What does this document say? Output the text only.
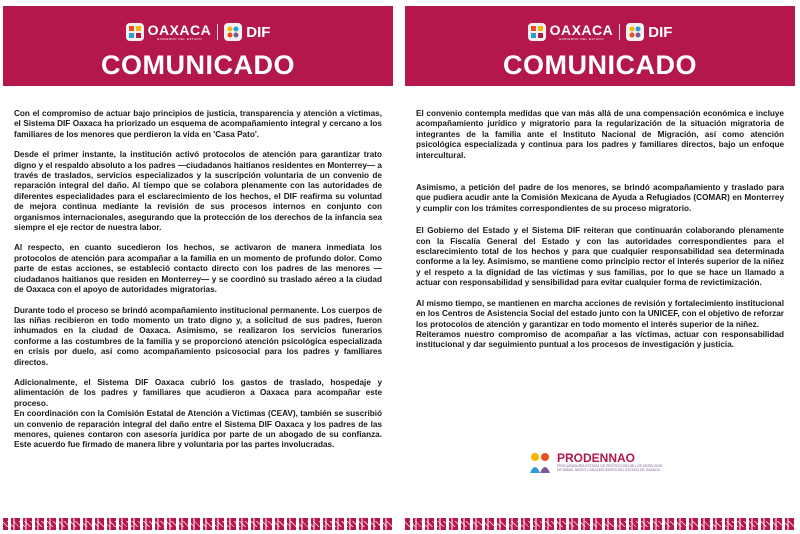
OAXACA
GOBIERNO DEL ESTADO	DIF
COMUNICADO

Con el compromiso de actuar bajo principios de justicia, transparencia y atención a víctimas, el Sistema DIF Oaxaca ha priorizado un esquema de acompañamiento integral y cercano a los familiares de los menores que perdieron la vida en 'Casa Pato'.

Desde el primer instante, la institución activó protocolos de atención para garantizar trato digno y el respaldo absoluto a los padres —ciudadanos haitianos residentes en Monterrey— a través de traslados, servicios especializados y la suscripción voluntaria de un convenio de reparación integral del daño. Al tiempo que se colabora plenamente con las autoridades de diferentes especialidades para el esclarecimiento de los hechos, el DIF reafirma su voluntad de mejora continua mediante la revisión de sus procesos internos en conjunto con organismos internacionales, asegurando que la protección de los derechos de la infancia sea siempre el eje rector de nuestra labor.

Al respecto, en cuanto sucedieron los hechos, se activaron de manera inmediata los protocolos de atención para acompañar a la familia en un momento de profundo dolor. Como parte de estas acciones, se estableció contacto directo con los padres de las menores —ciudadanos haitianos que residen en Monterrey— y se coordinó su traslado aéreo a la ciudad de Oaxaca con el apoyo de autoridades migratorias.

Durante todo el proceso se brindó acompañamiento institucional permanente. Los cuerpos de las niñas recibieron en todo momento un trato digno y, a solicitud de sus padres, fueron inhumados en la ciudad de Oaxaca. Asimismo, se realizaron los servicios funerarios conforme a las costumbres de la familia y se proporcionó atención psicológica especializada en crisis por duelo, así como acompañamiento psicosocial para los padres y familiares directos.

Adicionalmente, el Sistema DIF Oaxaca cubrió los gastos de traslado, hospedaje y alimentación de los padres y familiares que acudieron a Oaxaca para acompañar este proceso.

En coordinación con la Comisión Estatal de Atención a Víctimas (CEAV), también se suscribió un convenio de reparación integral del daño entre el Sistema DIF Oaxaca y los padres de las menores, quienes contaron con asesoría jurídica por parte de un abogado de su confianza. Este acuerdo fue firmado de manera libre y voluntaria por las partes involucradas.

OAXACA
GOBIERNO DEL ESTADO	DIF
COMUNICADO

El convenio contempla medidas que van más allá de una compensación económica e incluye acompañamiento jurídico y migratorio para la regularización de la situación migratoria de integrantes de la familia ante el Instituto Nacional de Migración, así como atención psicológica especializada y continua para los padres y familiares directos, bajo un enfoque intercultural.

Asimismo, a petición del padre de los menores, se brindó acompañamiento y traslado para que pudiera acudir ante la Comisión Mexicana de Ayuda a Refugiados (COMAR) en Monterrey y cumplir con los trámites correspondientes de su proceso migratorio.

El Gobierno del Estado y el Sistema DIF reiteran que continuarán colaborando plenamente con la Fiscalía General del Estado y con las autoridades correspondientes para el esclarecimiento total de los hechos y para que cualquier responsabilidad sea determinada conforme a la ley. Asimismo, se mantiene como principio rector el interés superior de la niñez y el respeto a la dignidad de las víctimas y sus familias, por lo que se hace un llamado a actuar con responsabilidad y sensibilidad para evitar cualquier forma de revictimización.

Al mismo tiempo, se mantienen en marcha acciones de revisión y fortalecimiento institucional en los Centros de Asistencia Social del estado junto con la UNICEF, con el objetivo de reforzar los protocolos de atención y garantizar en todo momento el interés superior de la niñez.

Reiteramos nuestro compromiso de acompañar a las víctimas, actuar con responsabilidad institucional y dar seguimiento puntual a los procesos de investigación y justicia.

PRODENNAO
PROCURADURÍA ESTATAL DE PROTECCIÓN DE LOS DERECHOS DE NIÑAS, NIÑOS Y ADOLESCENTES DEL ESTADO DE OAXACA
